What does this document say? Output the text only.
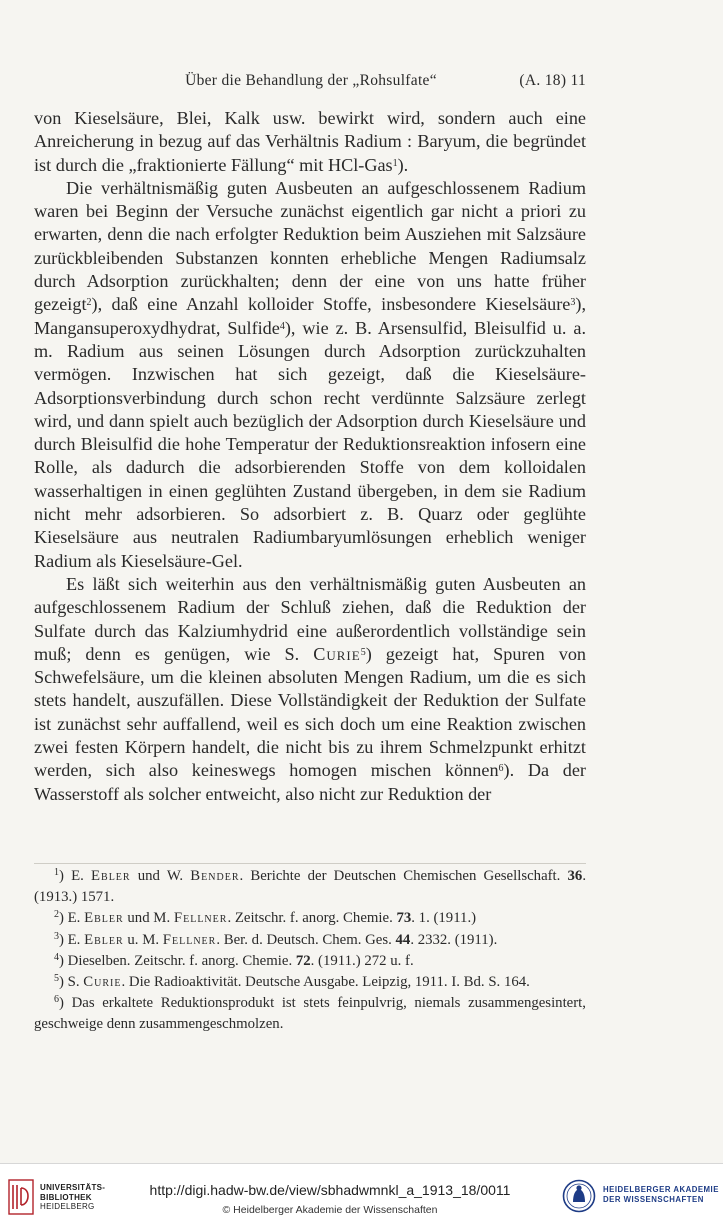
Über die Behandlung der „Rohsulfate“	(A. 18) 11

von Kieselsäure, Blei, Kalk usw. bewirkt wird, sondern auch eine Anreicherung in bezug auf das Verhältnis Radium : Baryum, die begründet ist durch die „fraktionierte Fällung“ mit HCl-Gas$^1$).

Die verhältnismäßig guten Ausbeuten an aufgeschlossenem Radium waren bei Beginn der Versuche zunächst eigentlich gar nicht a priori zu erwarten, denn die nach erfolgter Reduktion beim Ausziehen mit Salzsäure zurückbleibenden Substanzen konnten erhebliche Mengen Radiumsalz durch Adsorption zurückhalten; denn der eine von uns hatte früher gezeigt$^2$), daß eine Anzahl kolloider Stoffe, insbesondere Kieselsäure$^3$), Mangansuperoxydhydrat, Sulfide$^4$), wie z. B. Arsensulfid, Bleisulfid u. a. m. Radium aus seinen Lösungen durch Adsorption zurückzuhalten vermögen. Inzwischen hat sich gezeigt, daß die Kieselsäure-Adsorptionsverbindung durch schon recht verdünnte Salzsäure zerlegt wird, und dann spielt auch bezüglich der Adsorption durch Kieselsäure und durch Bleisulfid die hohe Temperatur der Reduktionsreaktion infosern eine Rolle, als dadurch die adsorbierenden Stoffe von dem kolloidalen wasserhaltigen in einen geglühten Zustand übergeben, in dem sie Radium nicht mehr adsorbieren. So adsorbiert z. B. Quarz oder geglühte Kieselsäure aus neutralen Radiumbaryumlösungen erheblich weniger Radium als Kieselsäure-Gel.

Es läßt sich weiterhin aus den verhältnismäßig guten Ausbeuten an aufgeschlossenem Radium der Schluß ziehen, daß die Reduktion der Sulfate durch das Kalziumhydrid eine außerordentlich vollständige sein muß; denn es genügen, wie S. Curie$^5$) gezeigt hat, Spuren von Schwefelsäure, um die kleinen absoluten Mengen Radium, um die es sich stets handelt, auszufällen. Diese Vollständigkeit der Reduktion der Sulfate ist zunächst sehr auffallend, weil es sich doch um eine Reaktion zwischen zwei festen Körpern handelt, die nicht bis zu ihrem Schmelzpunkt erhitzt werden, sich also keineswegs homogen mischen können$^6$). Da der Wasserstoff als solcher entweicht, also nicht zur Reduktion der

$^1$) E. Ebler und W. Bender. Berichte der Deutschen Chemischen Gesellschaft. 36. (1913.) 1571.

$^2$) E. Ebler und M. Fellner. Zeitschr. f. anorg. Chemie. 73. 1. (1911.)

$^3$) E. Ebler u. M. Fellner. Ber. d. Deutsch. Chem. Ges. 44. 2332. (1911).

$^4$) Dieselben. Zeitschr. f. anorg. Chemie. 72. (1911.) 272 u. f.

$^5$) S. Curie. Die Radioaktivität. Deutsche Ausgabe. Leipzig, 1911. I. Bd. S. 164.

$^6$) Das erkaltete Reduktionsprodukt ist stets feinpulvrig, niemals zusammengesintert, geschweige denn zusammengeschmolzen.

UNIVERSITÄTS-
BIBLIOTHEK
HEIDELBERG
http://digi.hadw-bw.de/view/sbhadwmnkl_a_1913_18/0011
© Heidelberger Akademie der Wissenschaften
HEIDELBERGER AKADEMIE
DER WISSENSCHAFTEN
